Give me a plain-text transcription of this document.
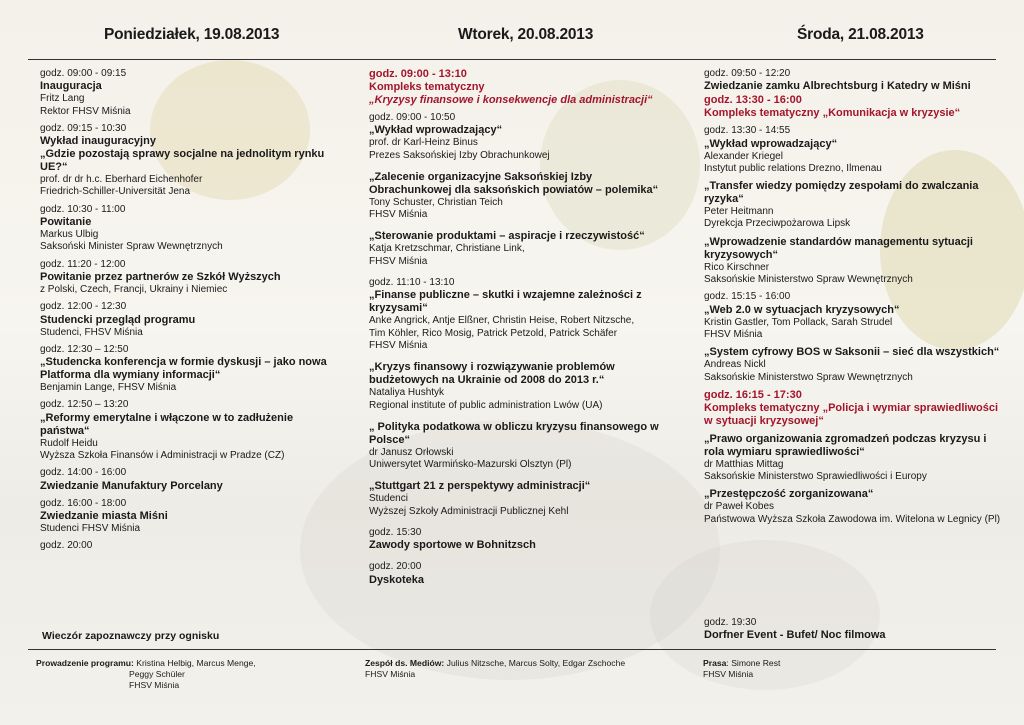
Poniedziałek, 19.08.2013	Wtorek, 20.08.2013	Środa, 21.08.2013
godz. 09:00 - 09:15
Inauguracja
Fritz Lang
Rektor FHSV Miśnia
godz. 09:15 - 10:30
Wykład inauguracyjny
„Gdzie pozostają sprawy socjalne na jednolitym rynku UE?“
prof. dr dr h.c. Eberhard Eichenhofer
Friedrich-Schiller-Universität Jena
godz. 10:30 - 11:00
Powitanie
Markus Ulbig
Saksoński Minister Spraw Wewnętrznych
godz. 11:20 - 12:00
Powitanie przez partnerów ze Szkół Wyższych
z Polski, Czech, Francji, Ukrainy i Niemiec
godz. 12:00 - 12:30
Studencki przegląd programu
Studenci, FHSV Miśnia
godz. 12:30 – 12:50
„Studencka konferencja w formie dyskusji – jako nowa Platforma dla wymiany informacji“
Benjamin Lange, FHSV Miśnia
godz. 12:50 – 13:20
„Reformy emerytalne i włączone w to zadłużenie państwa“
Rudolf Heidu
Wyższa Szkoła Finansów i Administracji w Pradze (CZ)
godz. 14:00 - 16:00
Zwiedzanie Manufaktury Porcelany
godz. 16:00 - 18:00
Zwiedzanie miasta Miśni
Studenci FHSV Miśnia
godz. 20:00
Wieczór zapoznawczy przy ognisku
godz. 09:00 - 13:10
Kompleks tematyczny
„Kryzysy finansowe i konsekwencje dla administracji“
godz. 09:00 - 10:50
„Wykład wprowadzający“
prof. dr Karl-Heinz Binus
Prezes Saksońskiej Izby Obrachunkowej
„Zalecenie organizacyjne Saksońskiej Izby Obrachunkowej dla saksońskich powiatów – polemika“
Tony Schuster, Christian Teich
FHSV Miśnia
„Sterowanie produktami – aspiracje i rzeczywistość“
Katja Kretzschmar, Christiane Link,
FHSV Miśnia
godz. 11:10 - 13:10
„Finanse publiczne – skutki i wzajemne zależności z kryzysami“
Anke Angrick, Antje Elßner, Christin Heise, Robert Nitzsche,
Tim Köhler, Rico Mosig, Patrick Petzold, Patrick Schäfer
FHSV Miśnia
„Kryzys finansowy i rozwiązywanie problemów budżetowych na Ukrainie od 2008 do 2013 r.“
Nataliya Hushtyk
Regional institute of public administration Lwów (UA)
„ Polityka podatkowa w obliczu kryzysu finansowego w Polsce“
dr Janusz Orłowski
Uniwersytet Warmińsko-Mazurski Olsztyn (Pl)
„Stuttgart 21 z perspektywy administracji“
Studenci
Wyższej Szkoły Administracji Publicznej Kehl
godz. 15:30
Zawody sportowe w Bohnitzsch
godz. 20:00
Dyskoteka
godz. 09:50 - 12:20
Zwiedzanie zamku Albrechtsburg i Katedry w Miśni
godz. 13:30 - 16:00
Kompleks tematyczny „Komunikacja w kryzysie“
godz. 13:30 - 14:55
„Wykład wprowadzający“
Alexander Kriegel
Instytut public relations Drezno, Ilmenau
„Transfer wiedzy pomiędzy zespołami do zwalczania ryzyka“
Peter Heitmann
Dyrekcja Przeciwpożarowa Lipsk
„Wprowadzenie standardów managementu sytuacji kryzysowych“
Rico Kirschner
Saksońskie Ministerstwo Spraw Wewnętrznych
godz. 15:15 - 16:00
„Web 2.0 w sytuacjach kryzysowych“
Kristin Gastler, Tom Pollack, Sarah Strudel
FHSV Miśnia
„System cyfrowy BOS w Saksonii – sieć dla wszystkich“
Andreas Nickl
Saksońskie Ministerstwo Spraw Wewnętrznych
godz. 16:15 - 17:30
Kompleks tematyczny „Policja i wymiar sprawiedliwości w sytuacji kryzysowej“
„Prawo organizowania zgromadzeń podczas kryzysu i rola wymiaru sprawiedliwości“
dr Matthias Mittag
Saksońskie Ministerstwo Sprawiedliwości i Europy
„Przestępczość zorganizowana“
dr Paweł Kobes
Państwowa Wyższa Szkoła Zawodowa im. Witelona w Legnicy (Pl)
godz. 19:30
Dorfner Event - Bufet/ Noc filmowa
Prowadzenie programu: Kristina Helbig, Marcus Menge,
Peggy Schüler
FHSV Miśnia
Zespół ds. Mediów: Julius Nitzsche, Marcus Solty, Edgar Zschoche
FHSV Miśnia
Prasa: Simone Rest
FHSV Miśnia
